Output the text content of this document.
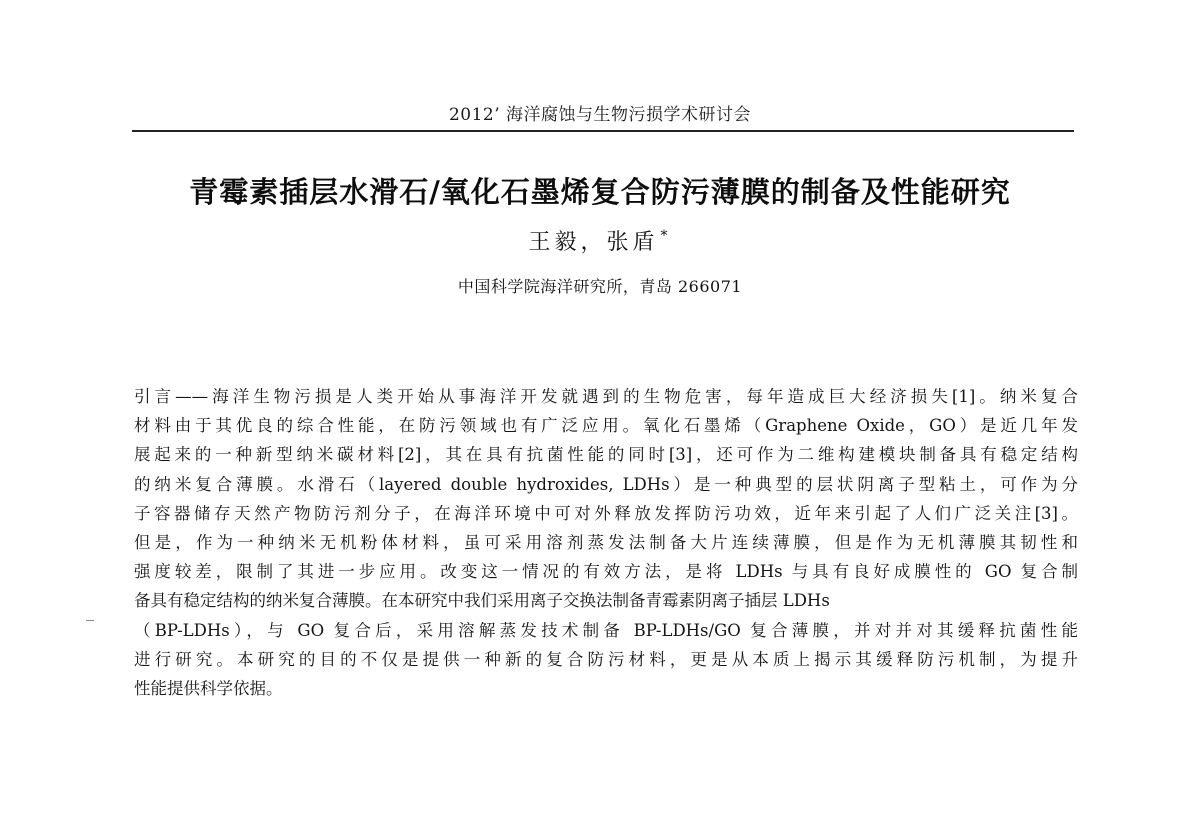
2012’ 海洋腐蚀与生物污损学术研讨会
青霉素插层水滑石/氧化石墨烯复合防污薄膜的制备及性能研究
王毅，张盾 *
中国科学院海洋研究所，青岛 266071
引言——海洋生物污损是人类开始从事海洋开发就遇到的生物危害，每年造成巨大经济损失[1]。纳米复合
材料由于其优良的综合性能，在防污领域也有广泛应用。氧化石墨烯（Graphene Oxide，GO）是近几年发
展起来的一种新型纳米碳材料[2]，其在具有抗菌性能的同时[3]，还可作为二维构建模块制备具有稳定结构
的纳米复合薄膜。水滑石（layered double hydroxides, LDHs）是一种典型的层状阴离子型粘土，可作为分
子容器储存天然产物防污剂分子，在海洋环境中可对外释放发挥防污功效，近年来引起了人们广泛关注[3]。
但是，作为一种纳米无机粉体材料，虽可采用溶剂蒸发法制备大片连续薄膜，但是作为无机薄膜其韧性和
强度较差，限制了其进一步应用。改变这一情况的有效方法，是将 LDHs 与具有良好成膜性的 GO 复合制
备具有稳定结构的纳米复合薄膜。在本研究中我们采用离子交换法制备青霉素阴离子插层 LDHs
（BP-LDHs），与 GO 复合后，采用溶解蒸发技术制备 BP-LDHs/GO 复合薄膜，并对并对其缓释抗菌性能
进行研究。本研究的目的不仅是提供一种新的复合防污材料，更是从本质上揭示其缓释防污机制，为提升
性能提供科学依据。
